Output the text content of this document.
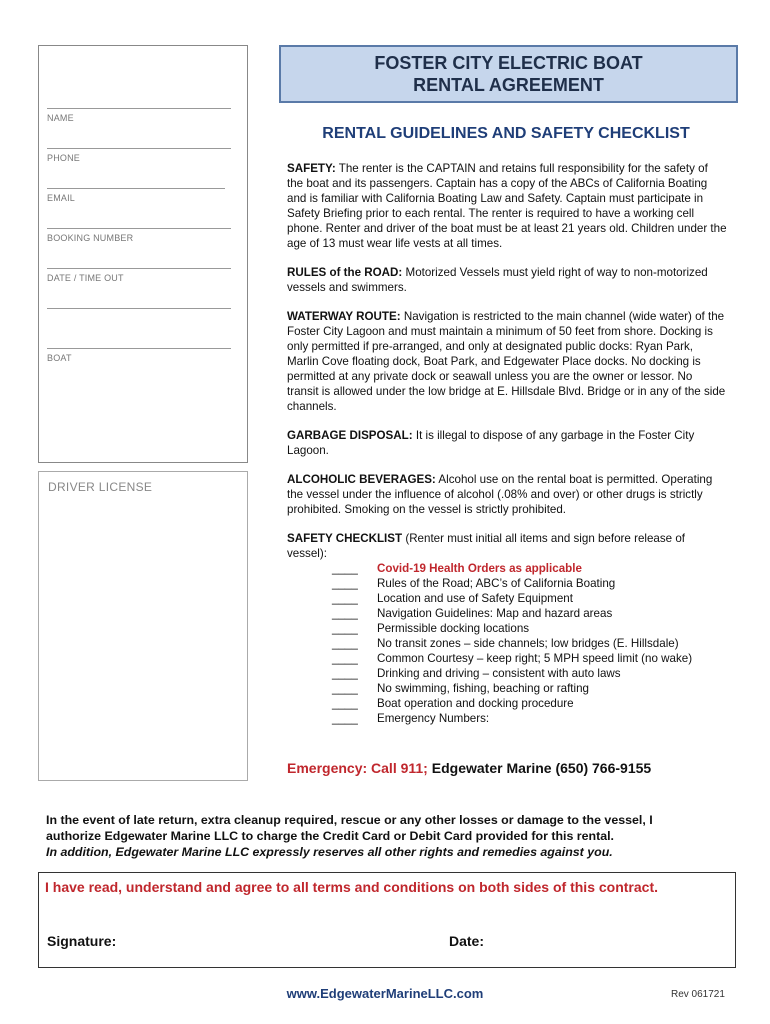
NAME
PHONE
EMAIL
BOOKING NUMBER
DATE / TIME OUT
BOAT
DRIVER LICENSE
FOSTER CITY ELECTRIC BOAT
RENTAL AGREEMENT
RENTAL GUIDELINES AND SAFETY CHECKLIST

SAFETY: The renter is the CAPTAIN and retains full responsibility for the safety of the boat and its passengers. Captain has a copy of the ABCs of California Boating and is familiar with California Boating Law and Safety. Captain must participate in Safety Briefing prior to each rental. The renter is required to have a working cell phone. Renter and driver of the boat must be at least 21 years old. Children under the age of 13 must wear life vests at all times.

RULES of the ROAD: Motorized Vessels must yield right of way to non-motorized vessels and swimmers.

WATERWAY ROUTE: Navigation is restricted to the main channel (wide water) of the Foster City Lagoon and must maintain a minimum of 50 feet from shore. Docking is only permitted if pre-arranged, and only at designated public docks: Ryan Park, Marlin Cove floating dock, Boat Park, and Edgewater Place docks. No docking is permitted at any private dock or seawall unless you are the owner or lessor. No transit is allowed under the low bridge at E. Hillsdale Blvd. Bridge or in any of the side channels.

GARBAGE DISPOSAL: It is illegal to dispose of any garbage in the Foster City Lagoon.

ALCOHOLIC BEVERAGES: Alcohol use on the rental boat is permitted. Operating the vessel under the influence of alcohol (.08% and over) or other drugs is strictly prohibited. Smoking on the vessel is strictly prohibited.

SAFETY CHECKLIST (Renter must initial all items and sign before release of vessel):

____ Covid-19 Health Orders as applicable
____ Rules of the Road; ABC’s of California Boating
____ Location and use of Safety Equipment
____ Navigation Guidelines: Map and hazard areas
____ Permissible docking locations
____ No transit zones – side channels; low bridges (E. Hillsdale)
____ Common Courtesy – keep right; 5 MPH speed limit (no wake)
____ Drinking and driving – consistent with auto laws
____ No swimming, fishing, beaching or rafting
____ Boat operation and docking procedure
____ Emergency Numbers:
Emergency: Call 911; Edgewater Marine (650) 766-9155
In the event of late return, extra cleanup required, rescue or any other losses or damage to the vessel, I
authorize Edgewater Marine LLC to charge the Credit Card or Debit Card provided for this rental.
In addition, Edgewater Marine LLC expressly reserves all other rights and remedies against you.
I have read, understand and agree to all terms and conditions on both sides of this contract.
Signature:	Date:
www.EdgewaterMarineLLC.com	Rev 061721
